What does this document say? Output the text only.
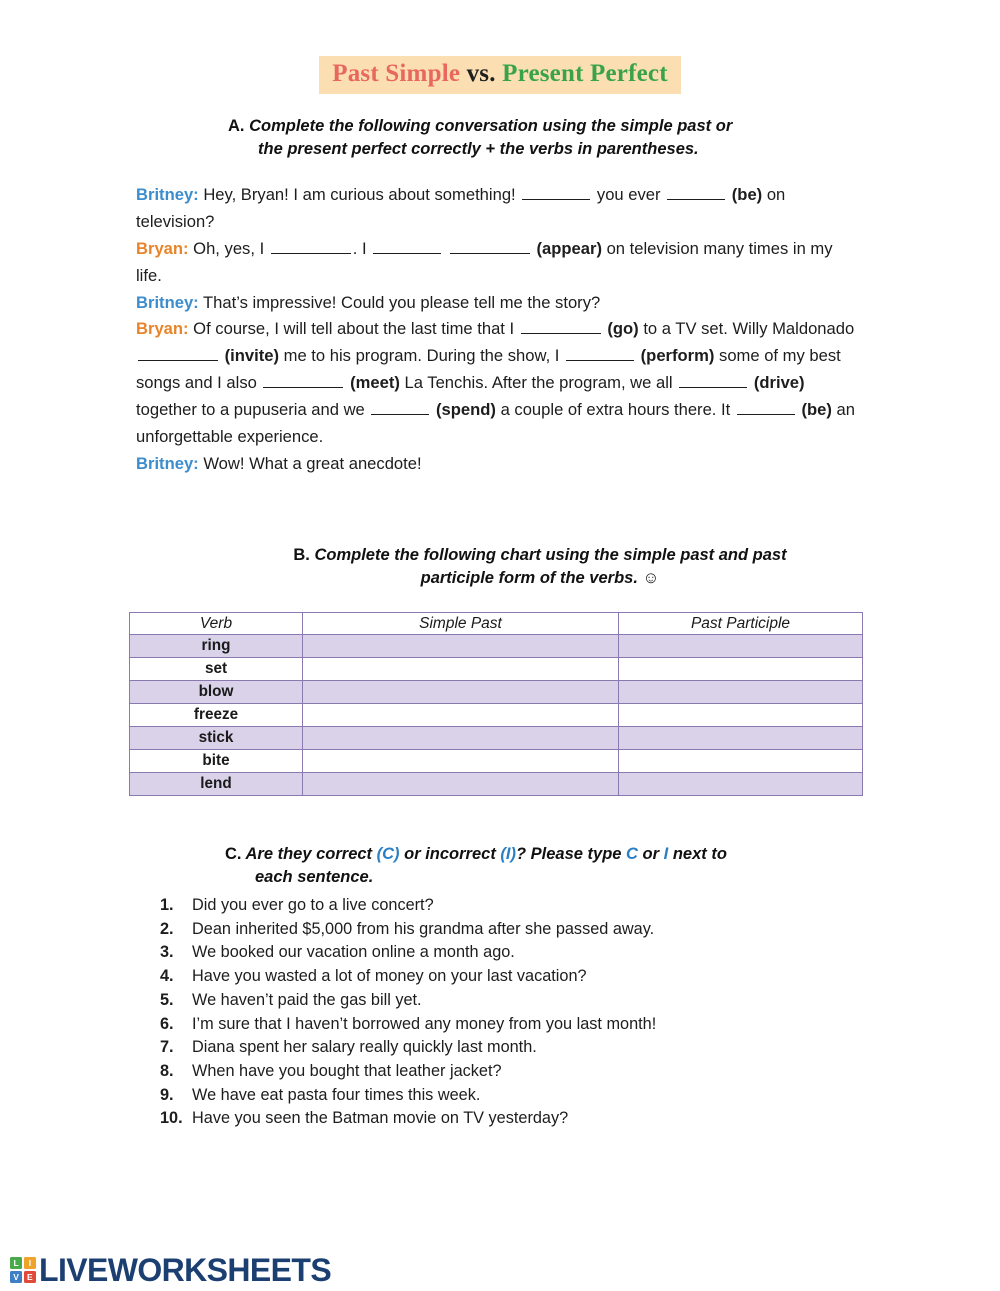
Past Simple vs. Present Perfect
A. Complete the following conversation using the simple past or
the present perfect correctly + the verbs in parentheses.

Britney: Hey, Bryan! I am curious about something!	you ever	(be) on television?

Bryan: Oh, yes, I	. I	(appear) on television many times in my life.

Britney: That’s impressive! Could you please tell me the story?

Bryan: Of course, I will tell about the last time that I	(go) to a TV set. Willy Maldonado  (invite) me to his program. During the show, I	(perform) some of my best songs and I also	(meet) La Tenchis. After the program, we all	(drive) together to a pupuseria and we	(spend) a couple of extra hours there. It	(be) an unforgettable experience.

Britney: Wow! What a great anecdote!

B. Complete the following chart using the simple past and past
participle form of the verbs. ☺
Verb	Simple Past	Past Participle
ring		
set		
blow		
freeze		
stick		
bite		
lend		
C. Are they correct (C) or incorrect (I)? Please type C or I next to
each sentence.
1.	Did you ever go to a live concert?
2.	Dean inherited $5,000 from his grandma after she passed away.
3.	We booked our vacation online a month ago.
4.	Have you wasted a lot of money on your last vacation?
5.	We haven’t paid the gas bill yet.
6.	I’m sure that I haven’t borrowed any money from you last month!
7.	Diana spent her salary really quickly last month.
8.	When have you bought that leather jacket?
9.	We have eat pasta four times this week.
10. Have you seen the Batman movie on TV yesterday?
L	I
V E LIVEWORKSHEETS
